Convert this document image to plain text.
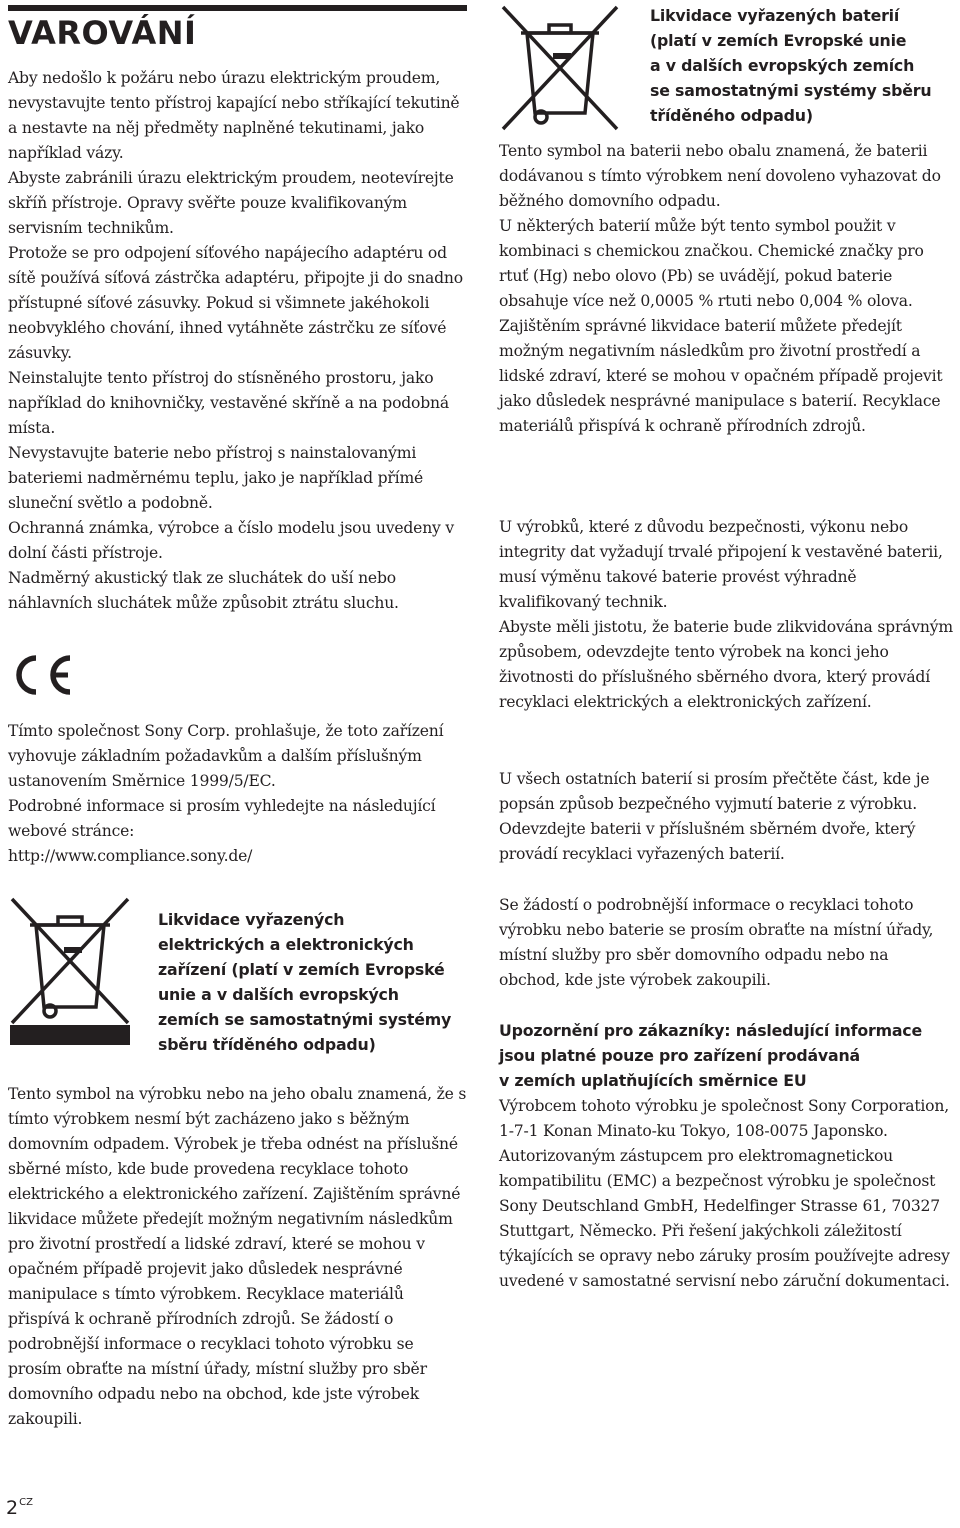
VAROVÁNÍ

Aby nedošlo k požáru nebo úrazu elektrickým proudem, nevystavujte tento přístroj kapající nebo stříkající tekutině a nestavte na něj předměty naplněné tekutinami, jako například vázy.

Abyste zabránili úrazu elektrickým proudem, neotevírejte skříň přístroje. Opravy svěřte pouze kvalifikovaným servisním technikům.

Protože se pro odpojení síťového napájecího adaptéru od sítě používá síťová zástrčka adaptéru, připojte ji do snadno přístupné síťové zásuvky. Pokud si všimnete jakéhokoli neobvyklého chování, ihned vytáhněte zástrčku ze síťové zásuvky.

Neinstalujte tento přístroj do stísněného prostoru, jako například do knihovničky, vestavěné skříně a na podobná místa.

Nevystavujte baterie nebo přístroj s nainstalovanými bateriemi nadměrnému teplu, jako je například přímé sluneční světlo a podobně.

Ochranná známka, výrobce a číslo modelu jsou uvedeny v dolní části přístroje.

Nadměrný akustický tlak ze sluchátek do uší nebo náhlavních sluchátek může způsobit ztrátu sluchu.

Tímto společnost Sony Corp. prohlašuje, že toto zařízení vyhovuje základním požadavkům a dalším příslušným ustanovením Směrnice 1999/5/EC.

Podrobné informace si prosím vyhledejte na následující webové stránce:

http://www.compliance.sony.de/

Likvidace vyřazených
elektrických a elektronických
zařízení (platí v zemích Evropské
unie a v dalších evropských
zemích se samostatnými systémy
sběru tříděného odpadu)

Tento symbol na výrobku nebo na jeho obalu znamená, že s tímto výrobkem nesmí být zacházeno jako s běžným domovním odpadem. Výrobek je třeba odnést na příslušné sběrné místo, kde bude provedena recyklace tohoto elektrického a elektronického zařízení. Zajištěním správné likvidace můžete předejít možným negativním následkům pro životní prostředí a lidské zdraví, které se mohou v opačném případě projevit jako důsledek nesprávné manipulace s tímto výrobkem. Recyklace materiálů přispívá k ochraně přírodních zdrojů. Se žádostí o podrobnější informace o recyklaci tohoto výrobku se prosím obraťte na místní úřady, místní služby pro sběr domovního odpadu nebo na obchod, kde jste výrobek zakoupili.

$2^{CZ}$
Likvidace vyřazených baterií
(platí v zemích Evropské unie
a v dalších evropských zemích
se samostatnými systémy sběru
tříděného odpadu)

Tento symbol na baterii nebo obalu znamená, že baterii dodávanou s tímto výrobkem není dovoleno vyhazovat do běžného domovního odpadu.

U některých baterií může být tento symbol použit v kombinaci s chemickou značkou. Chemické značky pro rtuť (Hg) nebo olovo (Pb) se uvádějí, pokud baterie obsahuje více než 0,0005 % rtuti nebo 0,004 % olova.

Zajištěním správné likvidace baterií můžete předejít možným negativním následkům pro životní prostředí a lidské zdraví, které se mohou v opačném případě projevit jako důsledek nesprávné manipulace s baterií. Recyklace materiálů přispívá k ochraně přírodních zdrojů.

U výrobků, které z důvodu bezpečnosti, výkonu nebo integrity dat vyžadují trvalé připojení k vestavěné baterii, musí výměnu takové baterie provést výhradně kvalifikovaný technik.

Abyste měli jistotu, že baterie bude zlikvidována správným způsobem, odevzdejte tento výrobek na konci jeho životnosti do příslušného sběrného dvora, který provádí recyklaci elektrických a elektronických zařízení.

U všech ostatních baterií si prosím přečtěte část, kde je popsán způsob bezpečného vyjmutí baterie z výrobku. Odevzdejte baterii v příslušném sběrném dvoře, který provádí recyklaci vyřazených baterií.

Se žádostí o podrobnější informace o recyklaci tohoto výrobku nebo baterie se prosím obraťte na místní úřady, místní služby pro sběr domovního odpadu nebo na obchod, kde jste výrobek zakoupili.

Upozornění pro zákazníky: následující informace
jsou platné pouze pro zařízení prodávaná
v zemích uplatňujících směrnice EU

Výrobcem tohoto výrobku je společnost Sony Corporation, 1-7-1 Konan Minato-ku Tokyo, 108-0075 Japonsko. Autorizovaným zástupcem pro elektromagnetickou kompatibilitu (EMC) a bezpečnost výrobku je společnost Sony Deutschland GmbH, Hedelfinger Strasse 61, 70327 Stuttgart, Německo. Při řešení jakýchkoli záležitostí týkajících se opravy nebo záruky prosím používejte adresy uvedené v samostatné servisní nebo záruční dokumentaci.
